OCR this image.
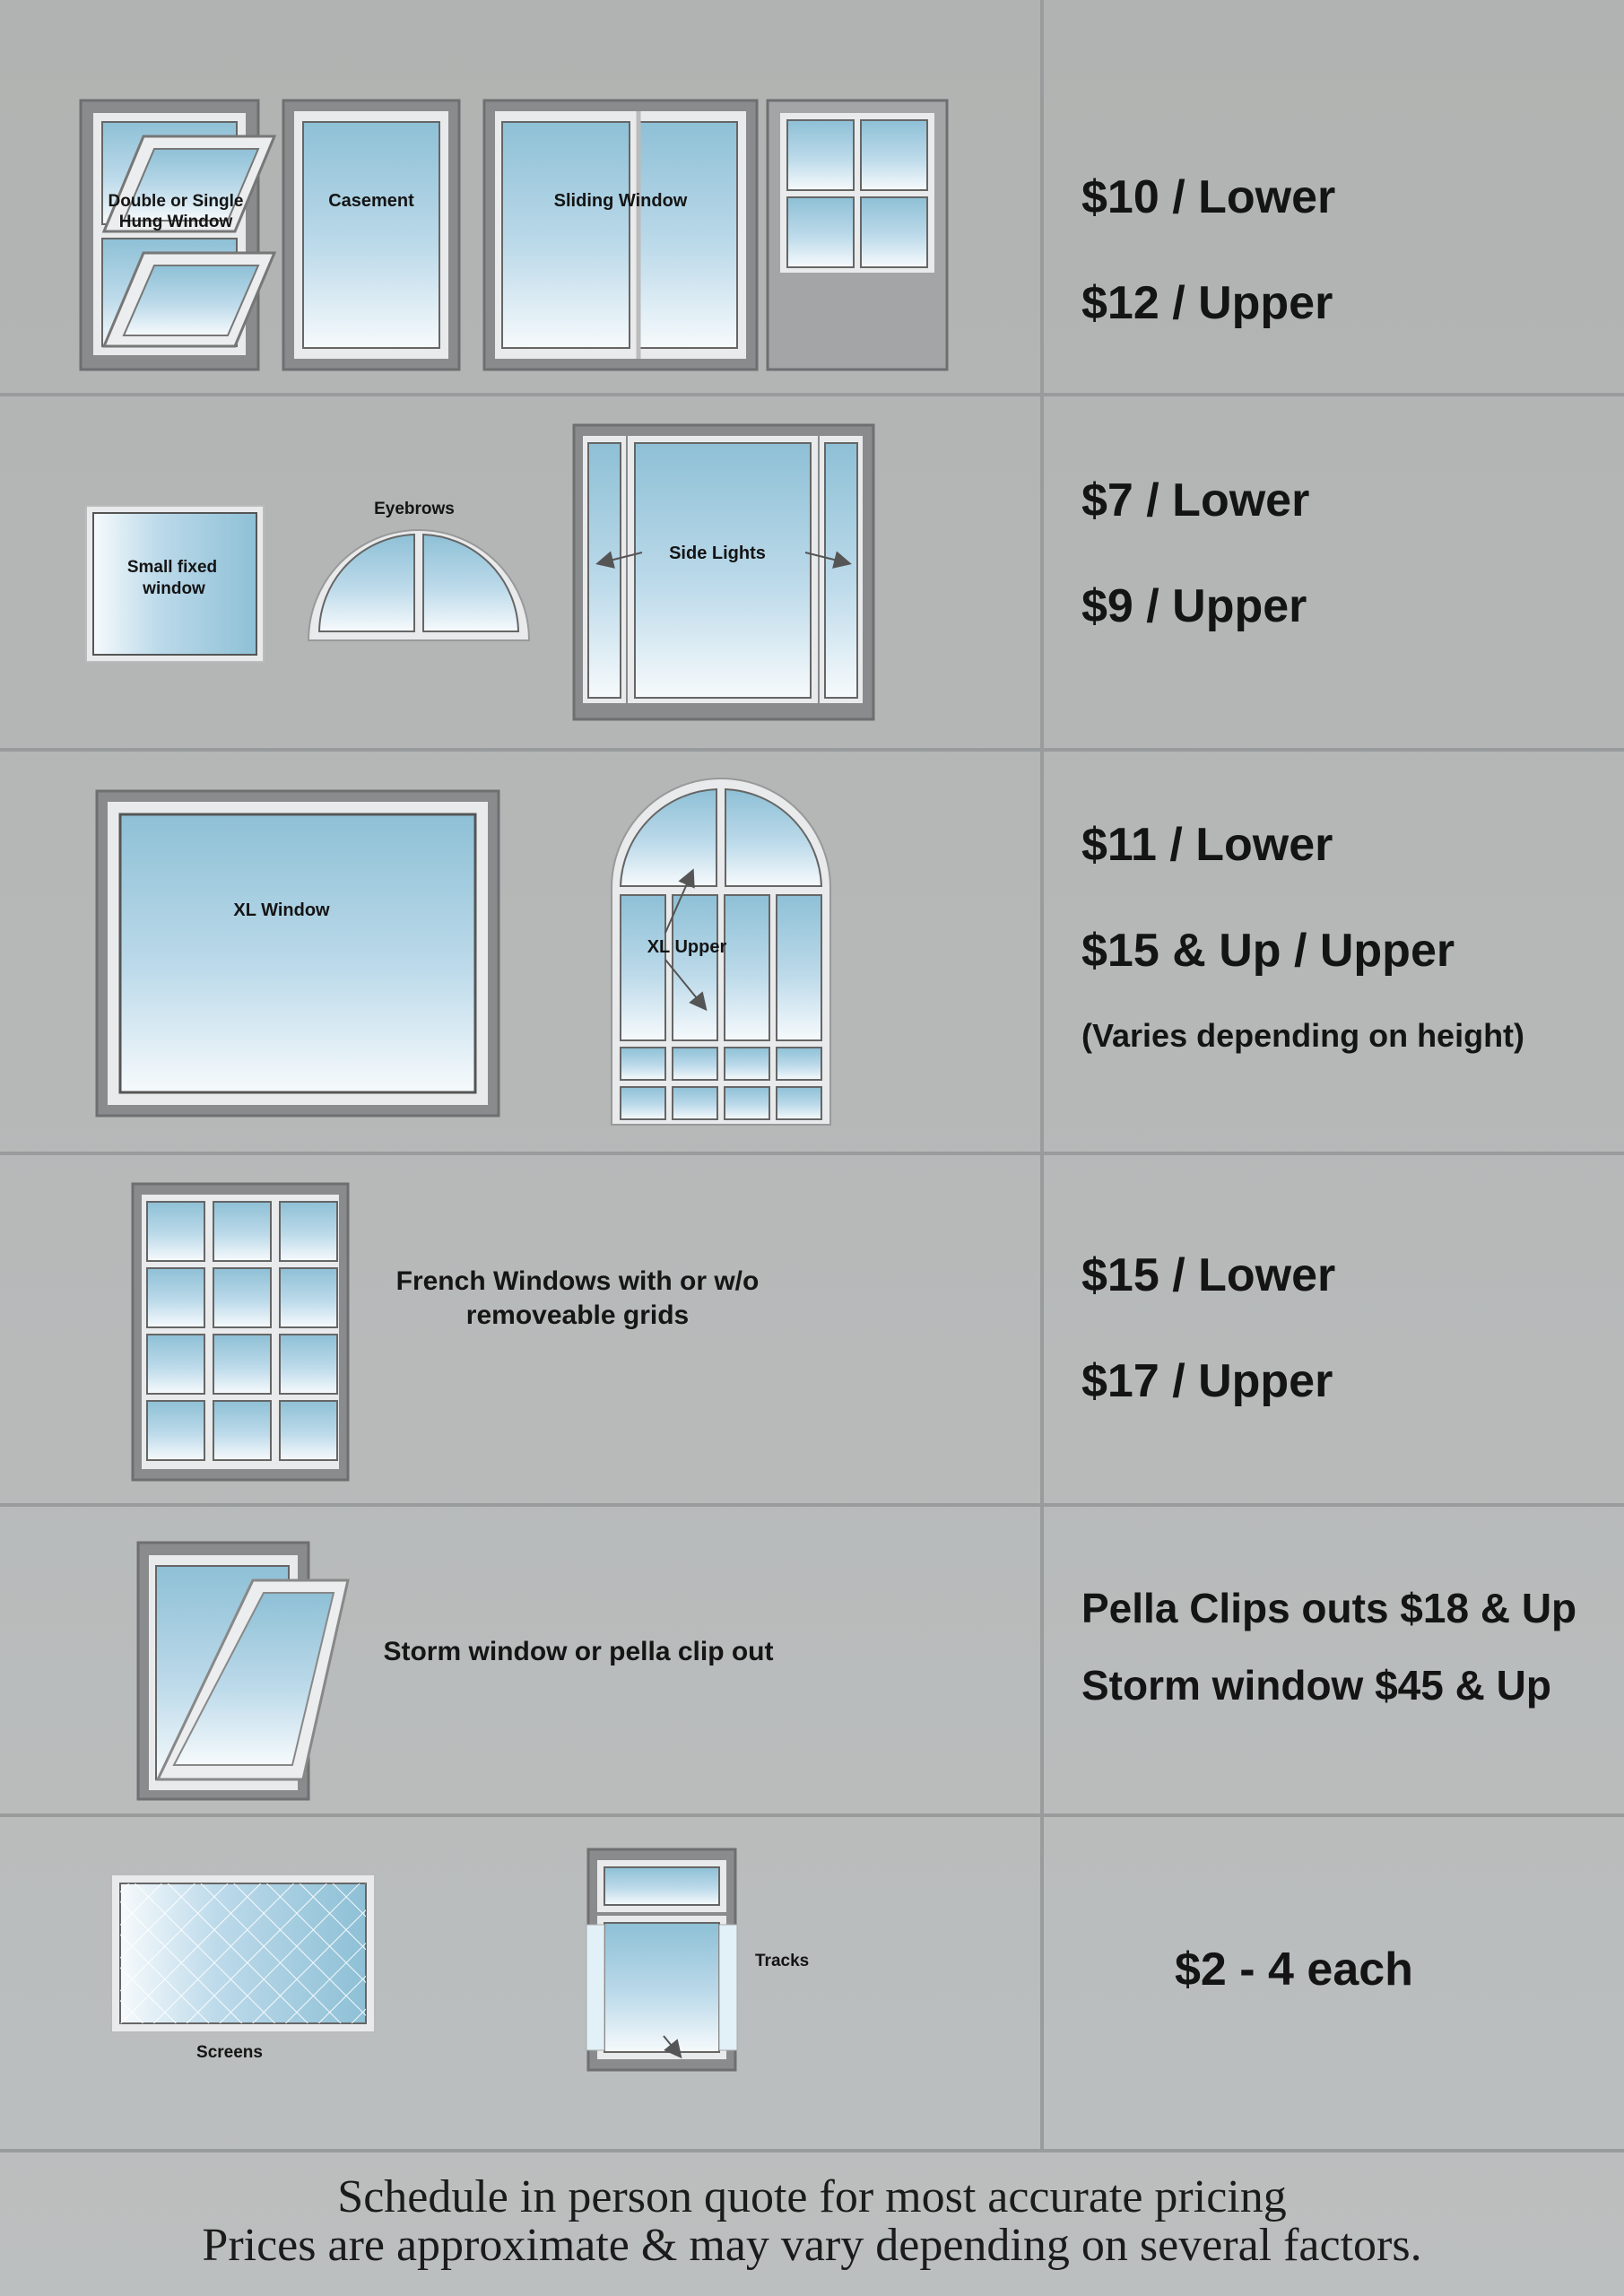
Double or Single
Hung Window
Casement	Sliding Window
Small fixed
window
Eyebrows
Side Lights
XL Window
XL Upper
Screens
Tracks
French Windows with or w/o
removeable grids
Storm window or pella clip out
$10 / Lower
$12 / Upper
$7 / Lower
$9 / Upper
$11 / Lower
$15 & Up / Upper
(Varies depending on height)
$15 / Lower
$17 / Upper
Pella Clips outs $18 & Up
Storm window $45 & Up
$2 - 4 each
Schedule in person quote for most accurate pricing
Prices are approximate & may vary depending on several factors.
